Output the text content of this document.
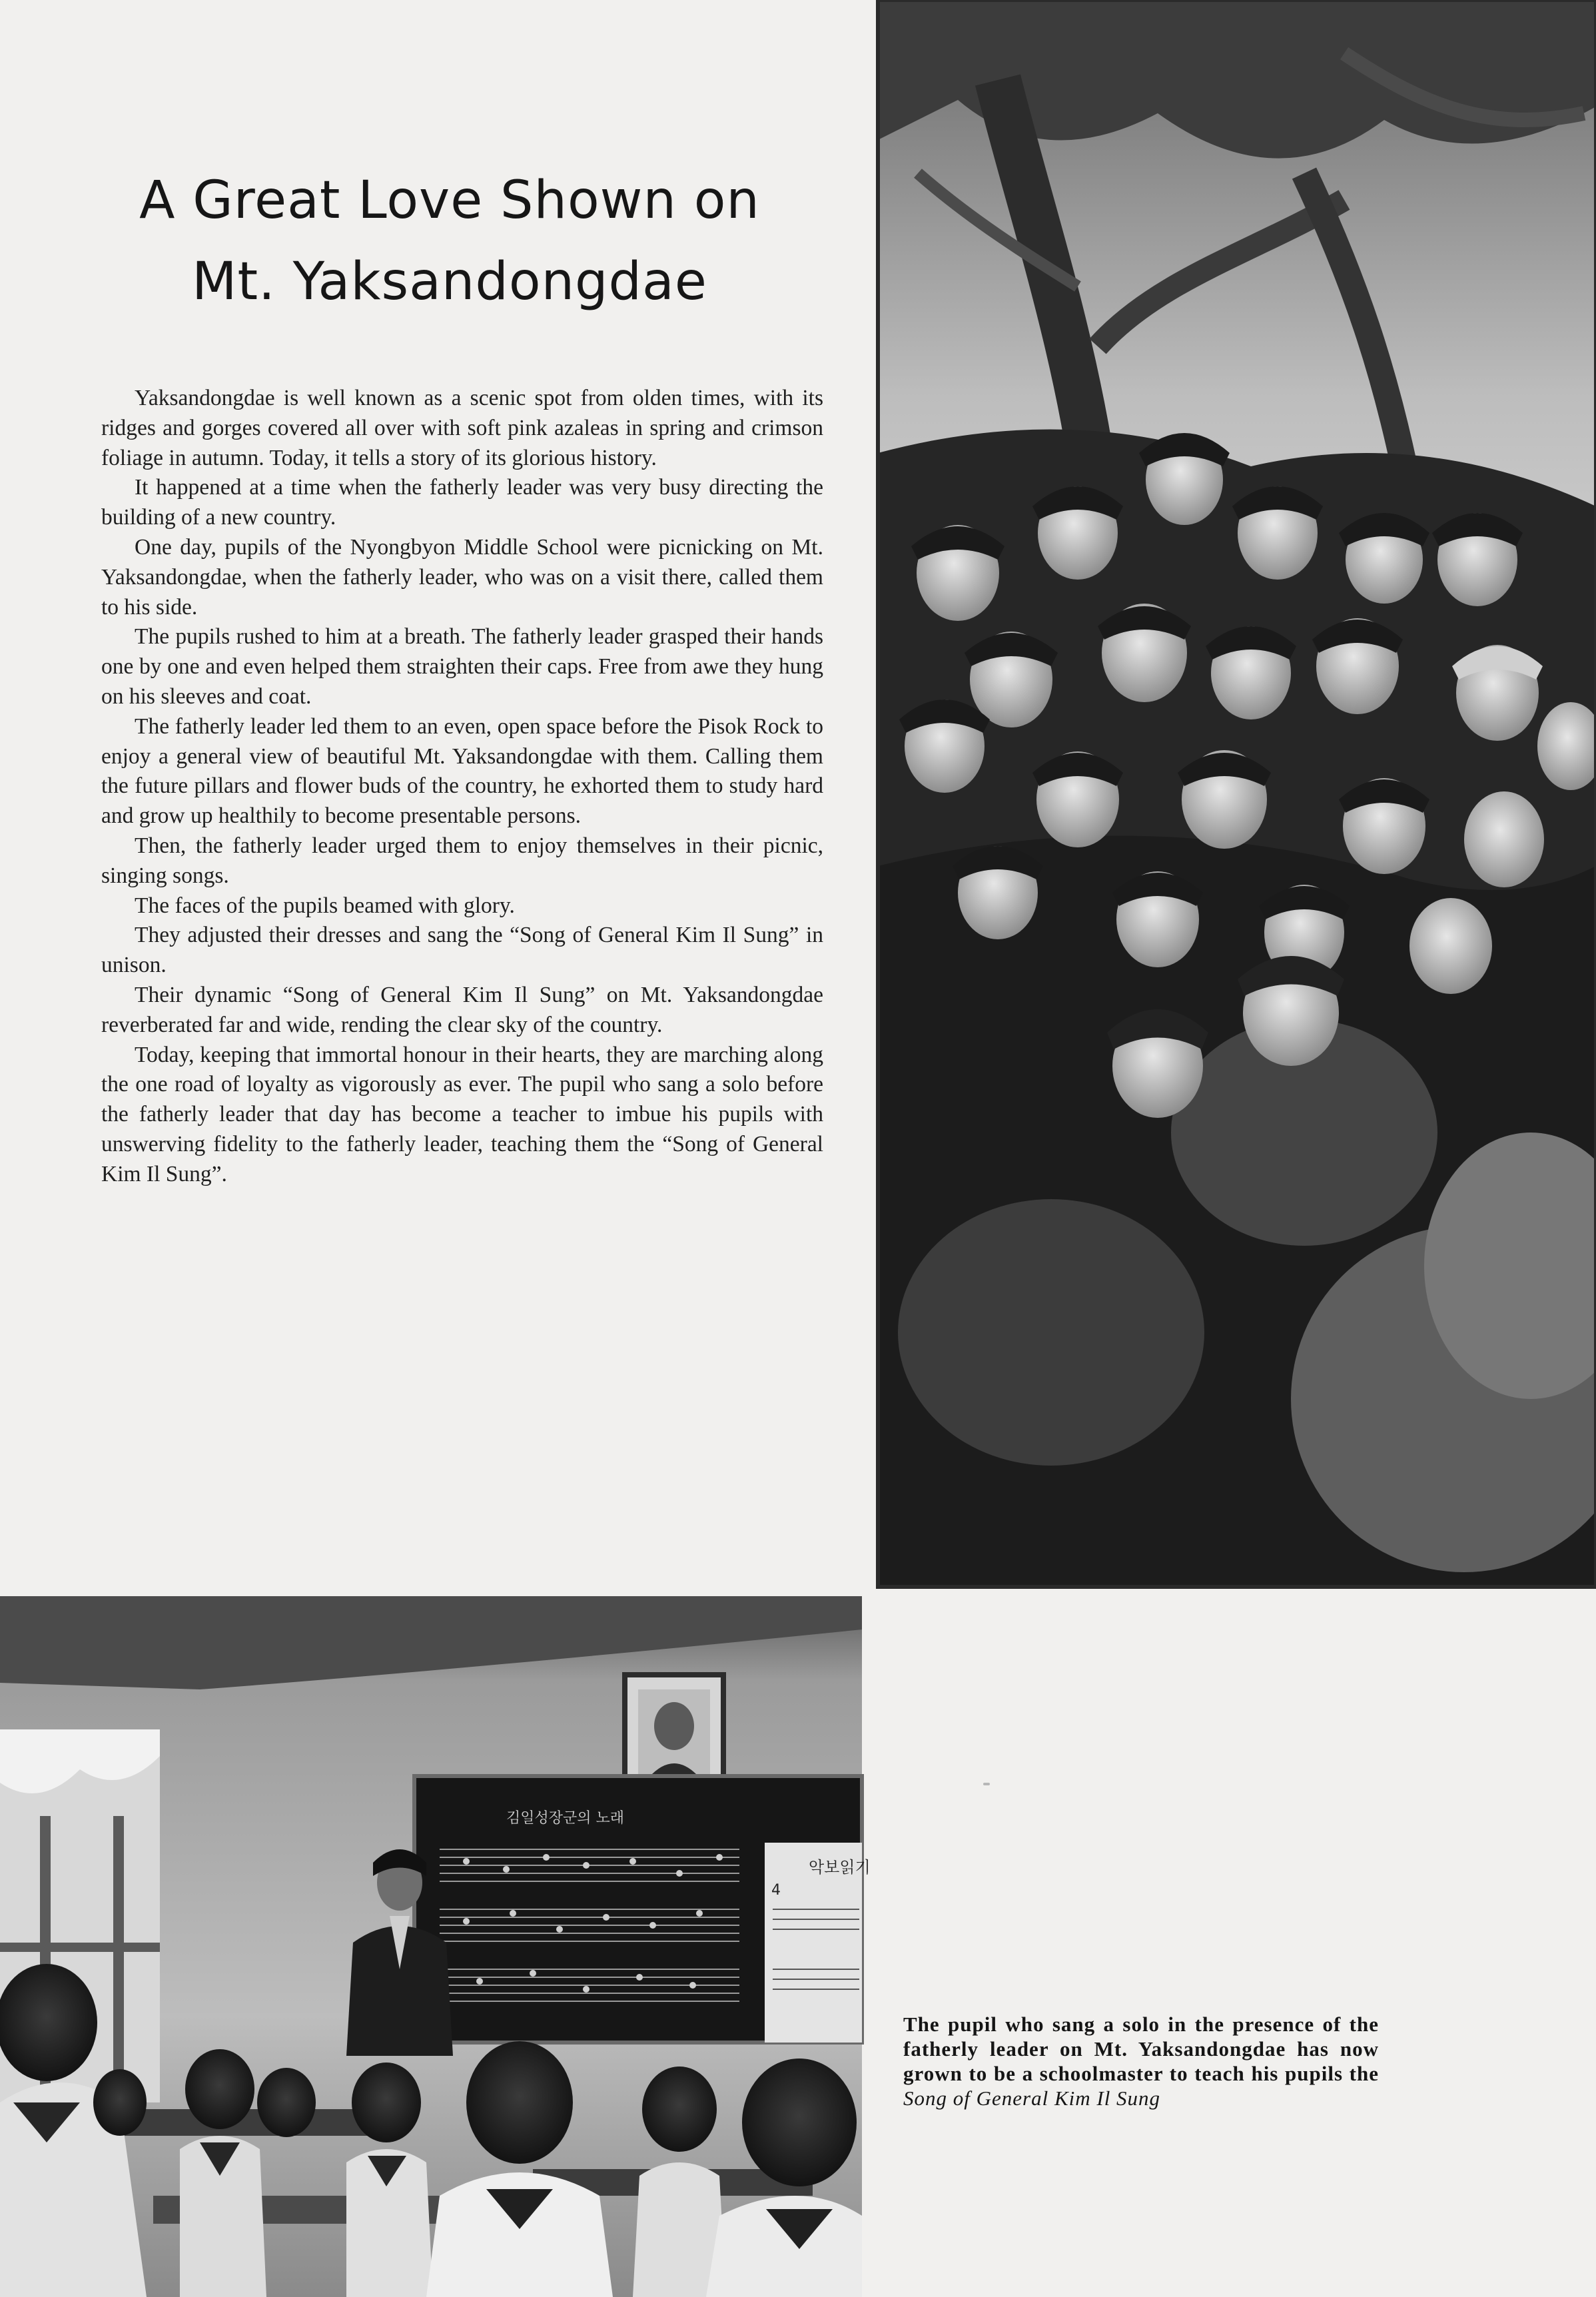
A Great Love Shown on
Mt. Yaksandongdae

Yaksandongdae is well known as a scenic spot from olden times, with its ridges and gorges covered all over with soft pink azaleas in spring and crimson foliage in autumn. Today, it tells a story of its glorious history.

It happened at a time when the fatherly leader was very busy directing the building of a new country.

One day, pupils of the Nyongbyon Middle School were picnicking on Mt. Yaksandongdae, when the fatherly leader, who was on a visit there, called them to his side.

The pupils rushed to him at a breath. The fatherly leader grasped their hands one by one and even helped them straighten their caps. Free from awe they hung on his sleeves and coat.

The fatherly leader led them to an even, open space before the Pisok Rock to enjoy a general view of beautiful Mt. Yaksandongdae with them. Calling them the future pillars and flower buds of the country, he exhorted them to study hard and grow up healthily to become presentable persons.

Then, the fatherly leader urged them to enjoy themselves in their picnic, singing songs.

The faces of the pupils beamed with glory.

They adjusted their dresses and sang the “Song of General Kim Il Sung” in unison.

Their dynamic “Song of General Kim Il Sung” on Mt. Yaksandongdae reverberated far and wide, rending the clear sky of the country.

Today, keeping that immortal honour in their hearts, they are marching along the one road of loyalty as vigorously as ever. The pupil who sang a solo before the fatherly leader that day has become a teacher to imbue his pupils with unswerving fidelity to the fatherly leader, teaching them the “Song of General Kim Il Sung”.

김일성장군의 노래
악보읽기
4
The pupil who sang a solo in the presence of the fatherly leader on Mt. Yaksandongdae has now grown to be a schoolmaster to teach his pupils the Song of General Kim Il Sung
